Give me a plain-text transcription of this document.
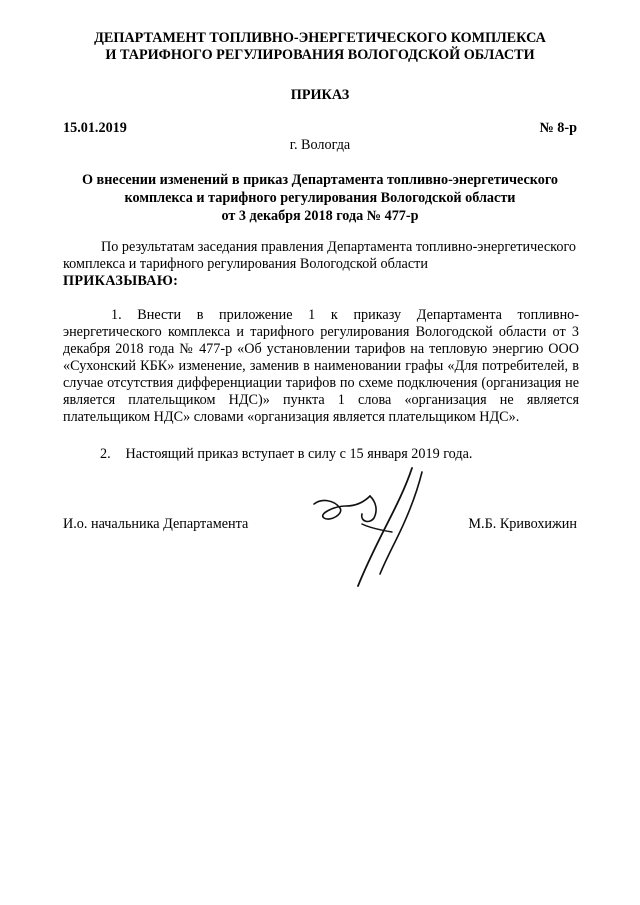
ДЕПАРТАМЕНТ ТОПЛИВНО-ЭНЕРГЕТИЧЕСКОГО КОМПЛЕКСА
И ТАРИФНОГО РЕГУЛИРОВАНИЯ ВОЛОГОДСКОЙ ОБЛАСТИ
ПРИКАЗ
15.01.2019	№ 8-р
г. Вологда
О внесении изменений в приказ Департамента топливно-энергетического
комплекса и тарифного регулирования Вологодской области
от 3 декабря 2018 года № 477-р
По результатам заседания правления Департамента топливно-энергетического комплекса и тарифного регулирования Вологодской области
ПРИКАЗЫВАЮ:
1. Внести в приложение 1 к приказу Департамента топливно-энергетического комплекса и тарифного регулирования Вологодской области от 3 декабря 2018 года № 477-р «Об установлении тарифов на тепловую энергию ООО «Сухонский КБК» изменение, заменив в наименовании графы «Для потребителей, в случае отсутствия дифференциации тарифов по схеме подключения (организация не является плательщиком НДС)» пункта 1 слова «организация не является плательщиком НДС» словами «организация является плательщиком НДС».
2. Настоящий приказ вступает в силу с 15 января 2019 года.
И.о. начальника Департамента	М.Б. Кривохижин
